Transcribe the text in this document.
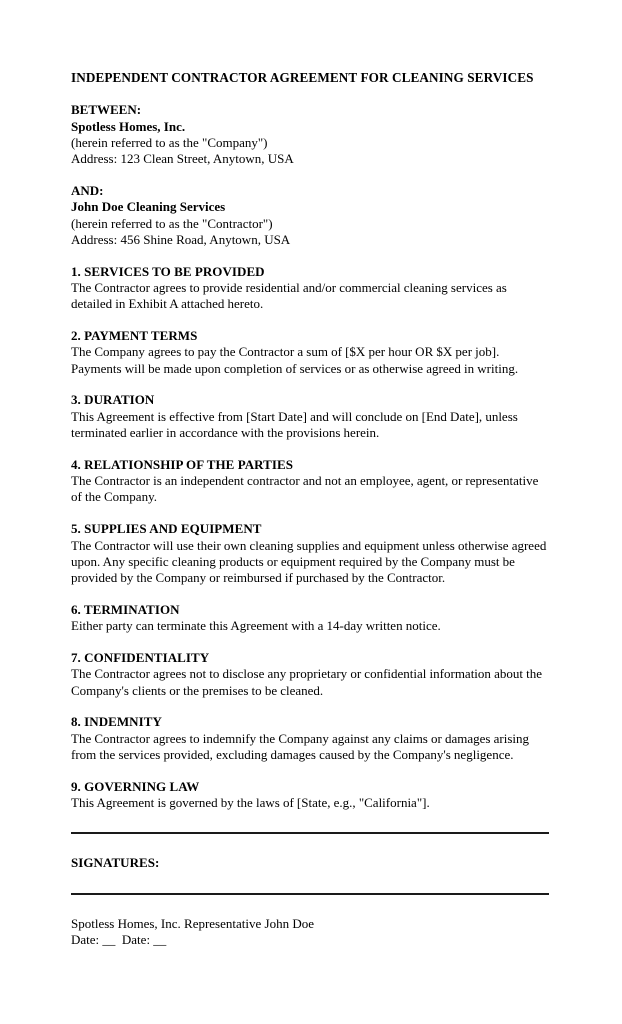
INDEPENDENT CONTRACTOR AGREEMENT FOR CLEANING SERVICES

BETWEEN:

Spotless Homes, Inc.

(herein referred to as the "Company")

Address: 123 Clean Street, Anytown, USA

AND:

John Doe Cleaning Services

(herein referred to as the "Contractor")

Address: 456 Shine Road, Anytown, USA

1. SERVICES TO BE PROVIDED

The Contractor agrees to provide residential and/or commercial cleaning services as detailed in Exhibit A attached hereto.

2. PAYMENT TERMS

The Company agrees to pay the Contractor a sum of [$X per hour OR $X per job]. Payments will be made upon completion of services or as otherwise agreed in writing.

3. DURATION

This Agreement is effective from [Start Date] and will conclude on [End Date], unless terminated earlier in accordance with the provisions herein.

4. RELATIONSHIP OF THE PARTIES

The Contractor is an independent contractor and not an employee, agent, or representative of the Company.

5. SUPPLIES AND EQUIPMENT

The Contractor will use their own cleaning supplies and equipment unless otherwise agreed upon. Any specific cleaning products or equipment required by the Company must be provided by the Company or reimbursed if purchased by the Contractor.

6. TERMINATION

Either party can terminate this Agreement with a 14-day written notice.

7. CONFIDENTIALITY

The Contractor agrees not to disclose any proprietary or confidential information about the Company's clients or the premises to be cleaned.

8. INDEMNITY

The Contractor agrees to indemnify the Company against any claims or damages arising from the services provided, excluding damages caused by the Company's negligence.

9. GOVERNING LAW

This Agreement is governed by the laws of [State, e.g., "California"].

SIGNATURES:

Spotless Homes, Inc. Representative John Doe

Date: __  Date: __
